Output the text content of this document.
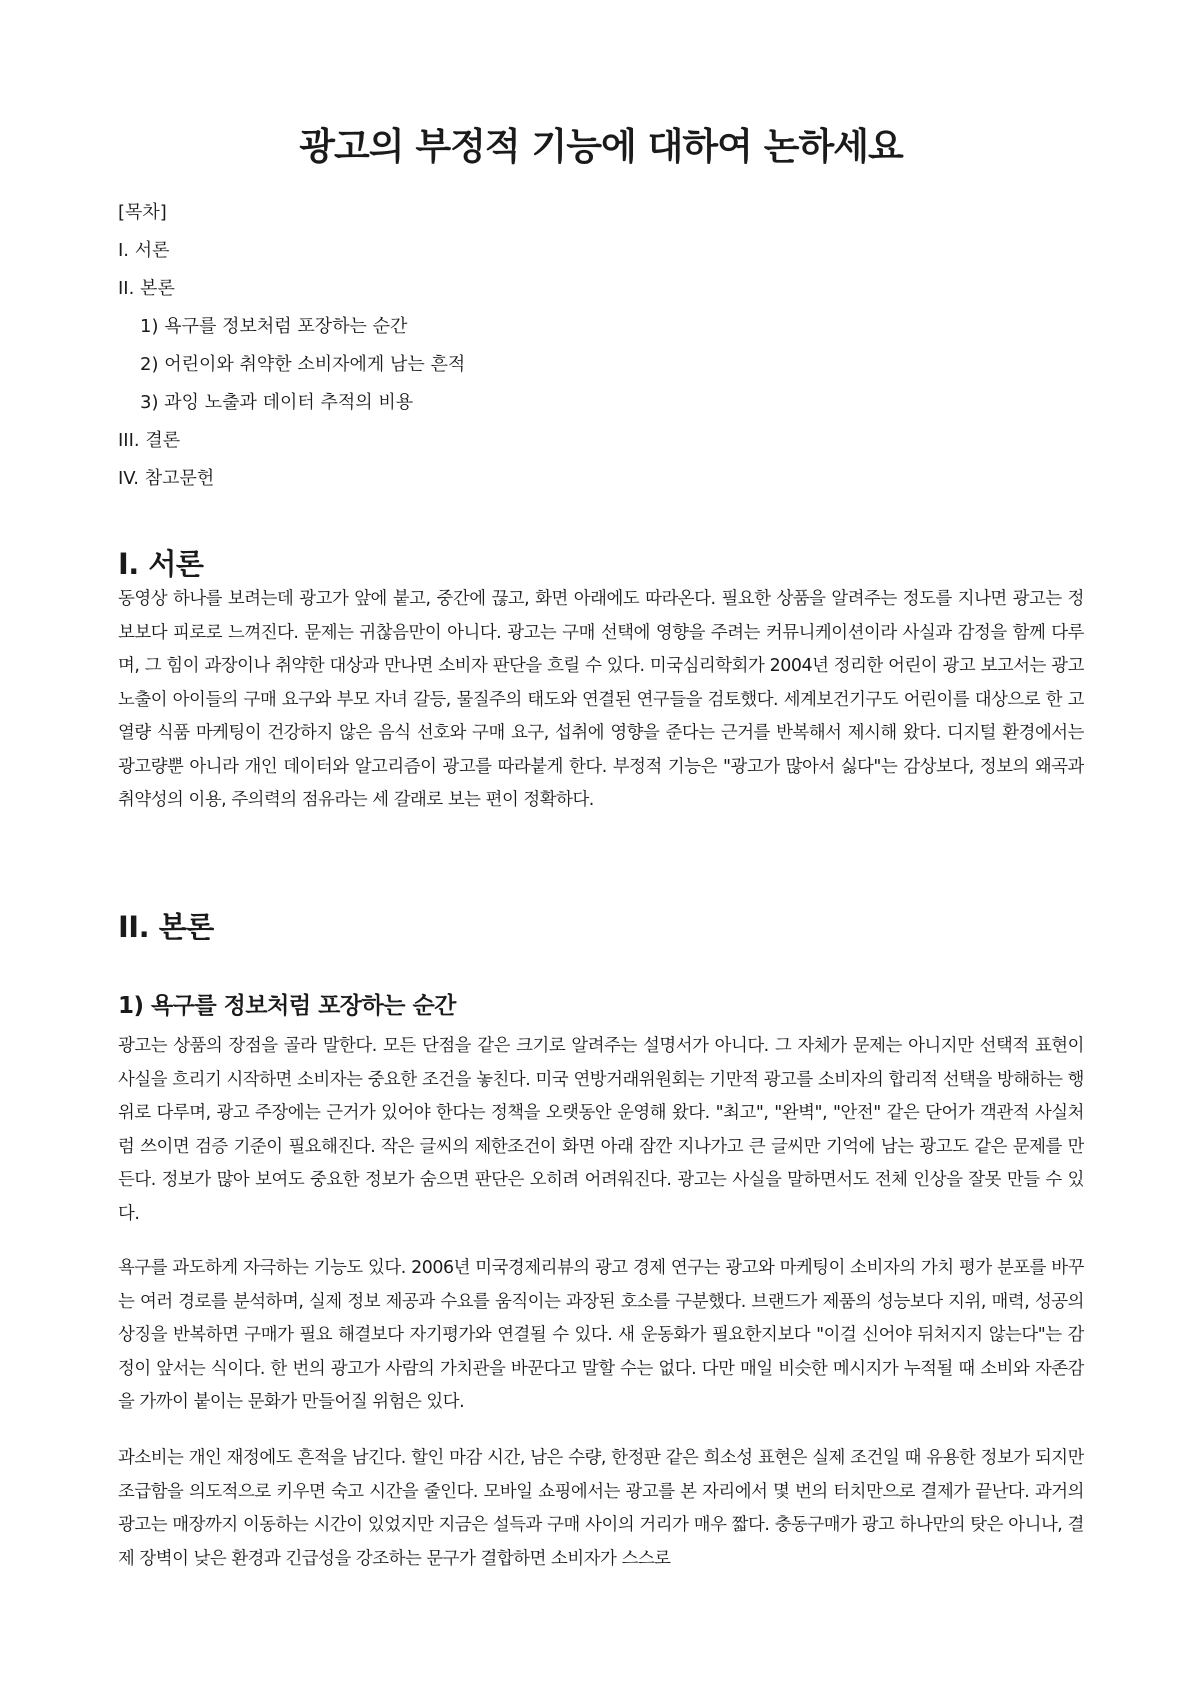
광고의 부정적 기능에 대하여 논하세요
[목차]
I. 서론
II. 본론
1) 욕구를 정보처럼 포장하는 순간
2) 어린이와 취약한 소비자에게 남는 흔적
3) 과잉 노출과 데이터 추적의 비용
III. 결론
IV. 참고문헌
I. 서론

동영상 하나를 보려는데 광고가 앞에 붙고, 중간에 끊고, 화면 아래에도 따라온다. 필요한 상품을 알려주는 정도를 지나면 광고는 정보보다 피로로 느껴진다. 문제는 귀찮음만이 아니다. 광고는 구매 선택에 영향을 주려는 커뮤니케이션이라 사실과 감정을 함께 다루며, 그 힘이 과장이나 취약한 대상과 만나면 소비자 판단을 흐릴 수 있다. 미국심리학회가 2004년 정리한 어린이 광고 보고서는 광고 노출이 아이들의 구매 요구와 부모 자녀 갈등, 물질주의 태도와 연결된 연구들을 검토했다. 세계보건기구도 어린이를 대상으로 한 고열량 식품 마케팅이 건강하지 않은 음식 선호와 구매 요구, 섭취에 영향을 준다는 근거를 반복해서 제시해 왔다. 디지털 환경에서는 광고량뿐 아니라 개인 데이터와 알고리즘이 광고를 따라붙게 한다. 부정적 기능은 "광고가 많아서 싫다"는 감상보다, 정보의 왜곡과 취약성의 이용, 주의력의 점유라는 세 갈래로 보는 편이 정확하다.

II. 본론
1) 욕구를 정보처럼 포장하는 순간

광고는 상품의 장점을 골라 말한다. 모든 단점을 같은 크기로 알려주는 설명서가 아니다. 그 자체가 문제는 아니지만 선택적 표현이 사실을 흐리기 시작하면 소비자는 중요한 조건을 놓친다. 미국 연방거래위원회는 기만적 광고를 소비자의 합리적 선택을 방해하는 행위로 다루며, 광고 주장에는 근거가 있어야 한다는 정책을 오랫동안 운영해 왔다. "최고", "완벽", "안전" 같은 단어가 객관적 사실처럼 쓰이면 검증 기준이 필요해진다. 작은 글씨의 제한조건이 화면 아래 잠깐 지나가고 큰 글씨만 기억에 남는 광고도 같은 문제를 만든다. 정보가 많아 보여도 중요한 정보가 숨으면 판단은 오히려 어려워진다. 광고는 사실을 말하면서도 전체 인상을 잘못 만들 수 있다.

욕구를 과도하게 자극하는 기능도 있다. 2006년 미국경제리뷰의 광고 경제 연구는 광고와 마케팅이 소비자의 가치 평가 분포를 바꾸는 여러 경로를 분석하며, 실제 정보 제공과 수요를 움직이는 과장된 호소를 구분했다. 브랜드가 제품의 성능보다 지위, 매력, 성공의 상징을 반복하면 구매가 필요 해결보다 자기평가와 연결될 수 있다. 새 운동화가 필요한지보다 "이걸 신어야 뒤처지지 않는다"는 감정이 앞서는 식이다. 한 번의 광고가 사람의 가치관을 바꾼다고 말할 수는 없다. 다만 매일 비슷한 메시지가 누적될 때 소비와 자존감을 가까이 붙이는 문화가 만들어질 위험은 있다.

과소비는 개인 재정에도 흔적을 남긴다. 할인 마감 시간, 남은 수량, 한정판 같은 희소성 표현은 실제 조건일 때 유용한 정보가 되지만 조급함을 의도적으로 키우면 숙고 시간을 줄인다. 모바일 쇼핑에서는 광고를 본 자리에서 몇 번의 터치만으로 결제가 끝난다. 과거의 광고는 매장까지 이동하는 시간이 있었지만 지금은 설득과 구매 사이의 거리가 매우 짧다. 충동구매가 광고 하나만의 탓은 아니나, 결제 장벽이 낮은 환경과 긴급성을 강조하는 문구가 결합하면 소비자가 스스로
